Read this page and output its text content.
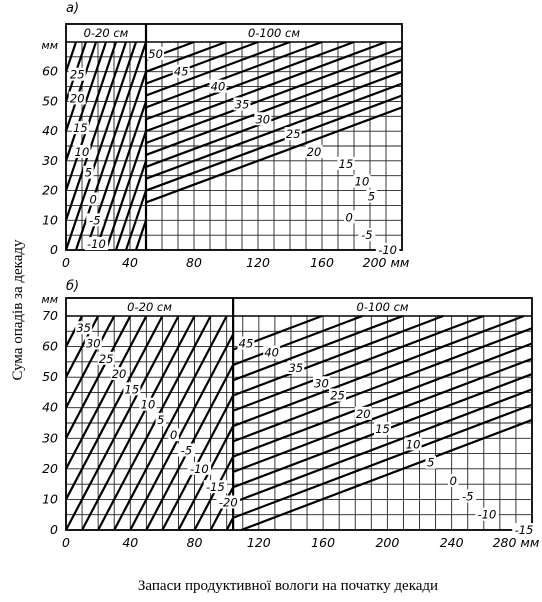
0-20 см	0-100 см
25
20
15
10
5
0
-5
-10
50
45
40
35
30
25
20
15
10
5
0
-5
-10
0	40	80	120	160 200 мм
0
10
20
30
40
50
60
мм
a)
0-20 см	0-100 см
35
30
25
20
15
10
5
0
-5
-10
-15
-20
45
40
35
30
25
20
15
10
5
0
-5
-10
-15
0	40	80	120	160	200	240 280 мм
0
10
20
30
40
50
60
70
мм
б)
Сума опадів за декаду
Запаси продуктивної вологи на початку декади
